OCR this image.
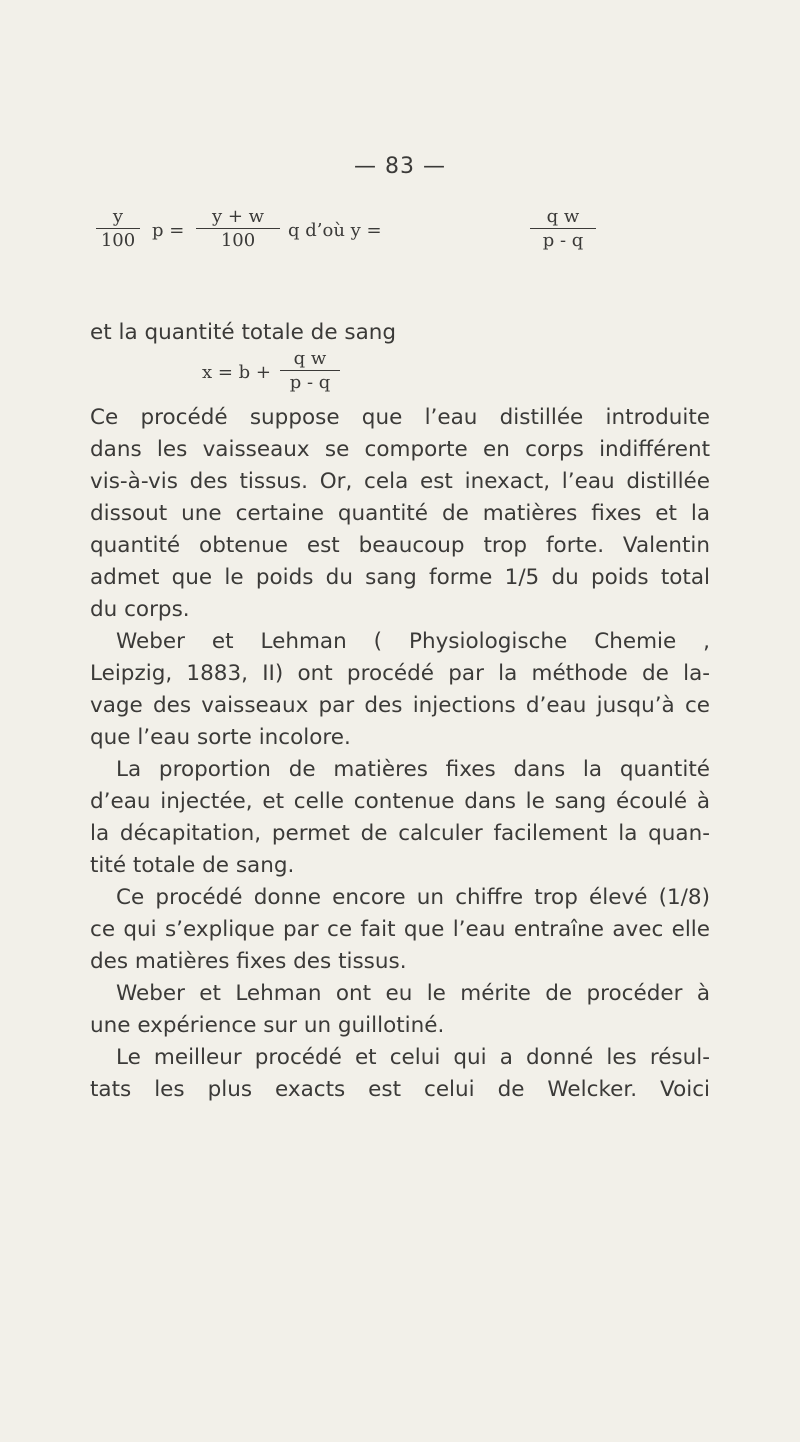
— 83 —
$\frac{y}{100}$ $p = \frac{y + w}{100}$ q d’où y =	$\frac{\text{q w}}{p - q}$
et la quantité totale de sang
$x = b + \frac{\text{q w}}{p - q}$
Ce procédé suppose que l’eau distillée introduite
dans les vaisseaux se comporte en corps indifférent
vis-à-vis des tissus. Or, cela est inexact, l’eau distillée
dissout une certaine quantité de matières fixes et la
quantité obtenue est beaucoup trop forte. Valentin
admet que le poids du sang forme 1/5 du poids total
du corps.
Weber et Lehman ( Physiologische Chemie ,
Leipzig, 1883, II) ont procédé par la méthode de la-
vage des vaisseaux par des injections d’eau jusqu’à ce
que l’eau sorte incolore.
La proportion de matières fixes dans la quantité
d’eau injectée, et celle contenue dans le sang écoulé à
la décapitation, permet de calculer facilement la quan-
tité totale de sang.
Ce procédé donne encore un chiffre trop élevé (1/8)
ce qui s’explique par ce fait que l’eau entraîne avec elle
des matières fixes des tissus.
Weber et Lehman ont eu le mérite de procéder à
une expérience sur un guillotiné.
Le meilleur procédé et celui qui a donné les résul-
tats les plus exacts est celui de Welcker. Voici
